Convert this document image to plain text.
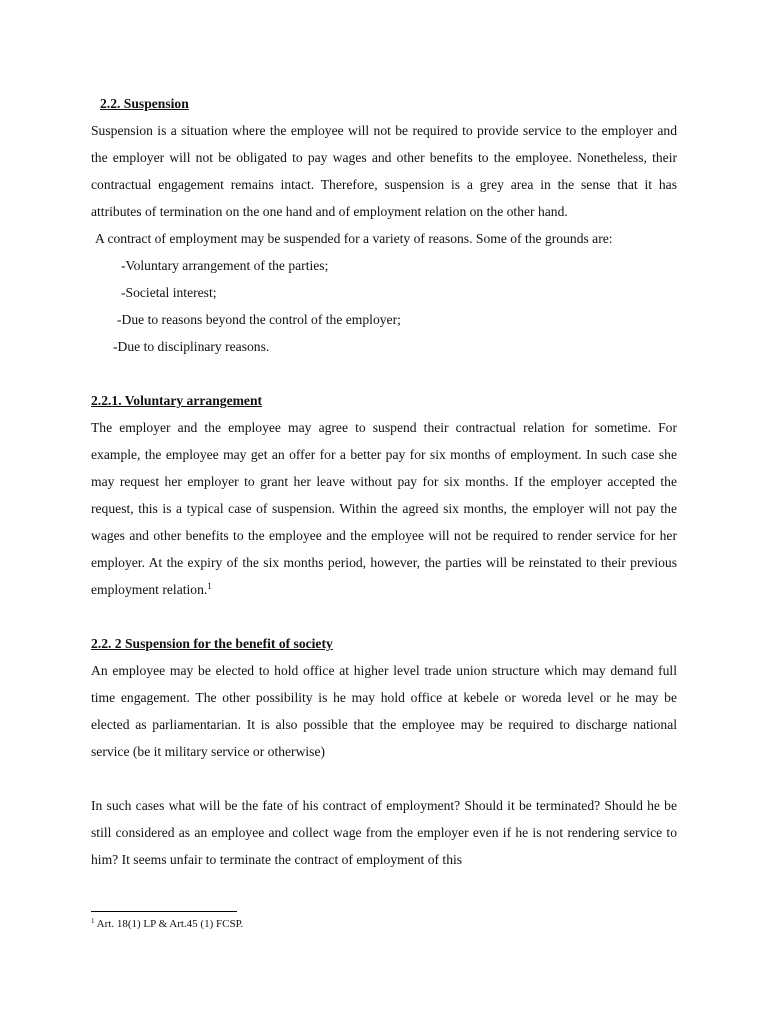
2.2. Suspension

Suspension is a situation where the employee will not be required to provide service to the employer and the employer will not be obligated to pay wages and other benefits to the employee. Nonetheless, their contractual engagement remains intact. Therefore, suspension is a grey area in the sense that it has attributes of termination on the one hand and of employment relation on the other hand.

A contract of employment may be suspended for a variety of reasons. Some of the grounds are:

-Voluntary arrangement of the parties;
-Societal interest;
-Due to reasons beyond the control of the employer;
-Due to disciplinary reasons.
2.2.1. Voluntary arrangement

The employer and the employee may agree to suspend their contractual relation for sometime. For example, the employee may get an offer for a better pay for six months of employment. In such case she may request her employer to grant her leave without pay for six months. If the employer accepted the request, this is a typical case of suspension. Within the agreed six months, the employer will not pay the wages and other benefits to the employee and the employee will not be required to render service for her employer. At the expiry of the six months period, however, the parties will be reinstated to their previous employment relation.$^1$

2.2. 2 Suspension for the benefit of society

An employee may be elected to hold office at higher level trade union structure which may demand full time engagement. The other possibility is he may hold office at kebele or woreda level or he may be elected as parliamentarian. It is also possible that the employee may be required to discharge national service (be it military service or otherwise)

In such cases what will be the fate of his contract of employment? Should it be terminated? Should he be still considered as an employee and collect wage from the employer even if he is not rendering service to him? It seems unfair to terminate the contract of employment of this

$^1$ Art. 18(1) LP & Art.45 (1) FCSP.
